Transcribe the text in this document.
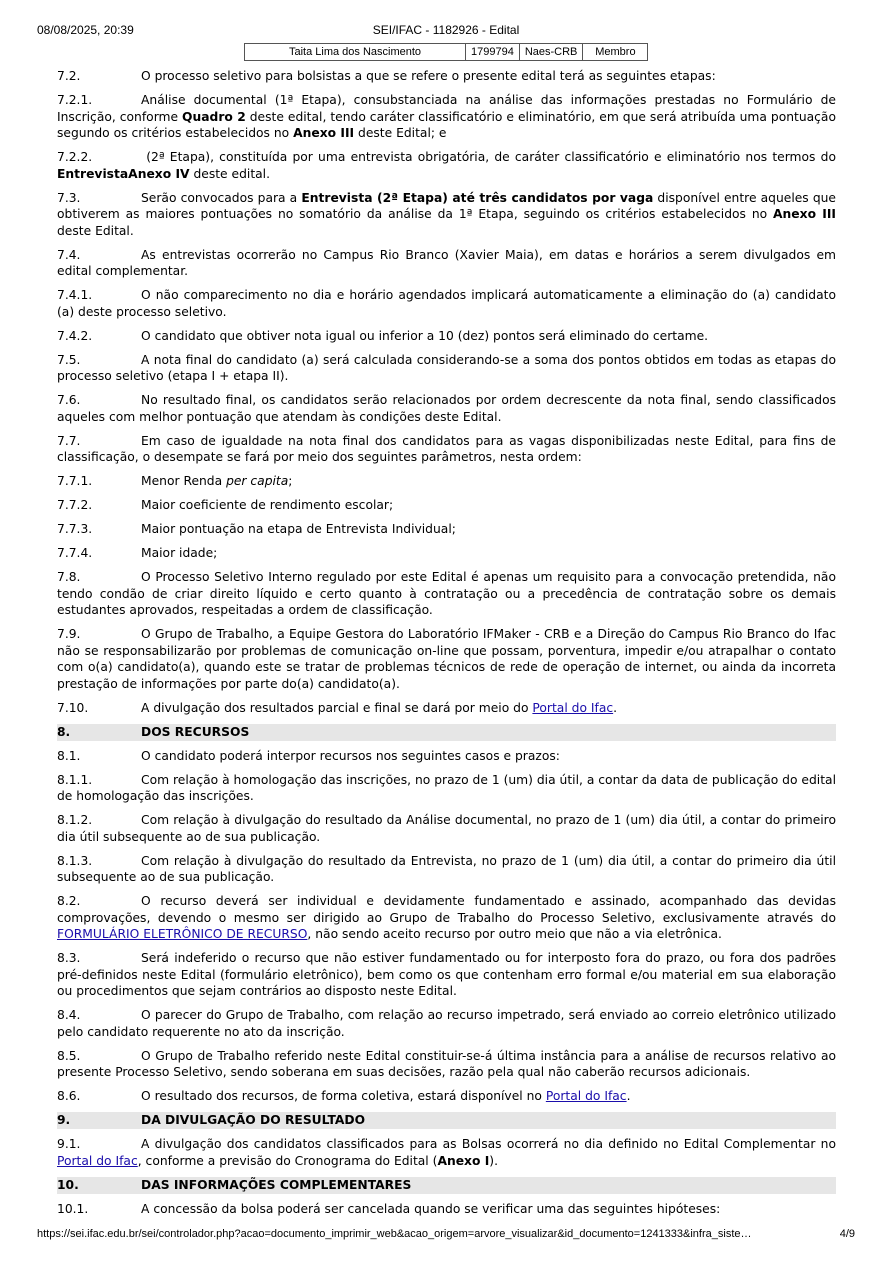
08/08/2025, 20:39	SEI/IFAC - 1182926 - Edital
Taita Lima dos Nascimento	1799794	Naes-CRB	Membro
7.2.	O processo seletivo para bolsistas a que se refere o presente edital terá as seguintes etapas:
7.2.1.	Análise documental (1ª Etapa), consubstanciada na análise das informações prestadas no Formulário de Inscrição, conforme Quadro 2 deste edital, tendo caráter classificatório e eliminatório, em que será atribuída uma pontuação segundo os critérios estabelecidos no Anexo III deste Edital; e
7.2.2.	(2ª Etapa), constituída por uma entrevista obrigatória, de caráter classificatório e eliminatório nos termos do EntrevistaAnexo IV deste edital.
7.3.	Serão convocados para a Entrevista (2ª Etapa) até três candidatos por vaga disponível entre aqueles que obtiverem as maiores pontuações no somatório da análise da 1ª Etapa, seguindo os critérios estabelecidos no Anexo III deste Edital.
7.4.	As entrevistas ocorrerão no Campus Rio Branco (Xavier Maia), em datas e horários a serem divulgados em edital complementar.
7.4.1.	O não comparecimento no dia e horário agendados implicará automaticamente a eliminação do (a) candidato (a) deste processo seletivo.
7.4.2.	O candidato que obtiver nota igual ou inferior a 10 (dez) pontos será eliminado do certame.
7.5.	A nota final do candidato (a) será calculada considerando-se a soma dos pontos obtidos em todas as etapas do processo seletivo (etapa I + etapa II).
7.6.	No resultado final, os candidatos serão relacionados por ordem decrescente da nota final, sendo classificados aqueles com melhor pontuação que atendam às condições deste Edital.
7.7.	Em caso de igualdade na nota final dos candidatos para as vagas disponibilizadas neste Edital, para fins de classificação, o desempate se fará por meio dos seguintes parâmetros, nesta ordem:
7.7.1.	Menor Renda per capita;
7.7.2.	Maior coeficiente de rendimento escolar;
7.7.3.	Maior pontuação na etapa de Entrevista Individual;
7.7.4.	Maior idade;
7.8.	O Processo Seletivo Interno regulado por este Edital é apenas um requisito para a convocação pretendida, não tendo condão de criar direito líquido e certo quanto à contratação ou a precedência de contratação sobre os demais estudantes aprovados, respeitadas a ordem de classificação.
7.9.	O Grupo de Trabalho, a Equipe Gestora do Laboratório IFMaker - CRB e a Direção do Campus Rio Branco do Ifac não se responsabilizarão por problemas de comunicação on-line que possam, porventura, impedir e/ou atrapalhar o contato com o(a) candidato(a), quando este se tratar de problemas técnicos de rede de operação de internet, ou ainda da incorreta prestação de informações por parte do(a) candidato(a).
7.10.	A divulgação dos resultados parcial e final se dará por meio do Portal do Ifac.
8.	DOS RECURSOS
8.1.	O candidato poderá interpor recursos nos seguintes casos e prazos:
8.1.1.	Com relação à homologação das inscrições, no prazo de 1 (um) dia útil, a contar da data de publicação do edital de homologação das inscrições.
8.1.2.	Com relação à divulgação do resultado da Análise documental, no prazo de 1 (um) dia útil, a contar do primeiro dia útil subsequente ao de sua publicação.
8.1.3.	Com relação à divulgação do resultado da Entrevista, no prazo de 1 (um) dia útil, a contar do primeiro dia útil subsequente ao de sua publicação.
8.2.	O recurso deverá ser individual e devidamente fundamentado e assinado, acompanhado das devidas comprovações, devendo o mesmo ser dirigido ao Grupo de Trabalho do Processo Seletivo, exclusivamente através do FORMULÁRIO ELETRÔNICO DE RECURSO, não sendo aceito recurso por outro meio que não a via eletrônica.
8.3.	Será indeferido o recurso que não estiver fundamentado ou for interposto fora do prazo, ou fora dos padrões pré-definidos neste Edital (formulário eletrônico), bem como os que contenham erro formal e/ou material em sua elaboração ou procedimentos que sejam contrários ao disposto neste Edital.
8.4.	O parecer do Grupo de Trabalho, com relação ao recurso impetrado, será enviado ao correio eletrônico utilizado pelo candidato requerente no ato da inscrição.
8.5.	O Grupo de Trabalho referido neste Edital constituir-se-á última instância para a análise de recursos relativo ao presente Processo Seletivo, sendo soberana em suas decisões, razão pela qual não caberão recursos adicionais.
8.6.	O resultado dos recursos, de forma coletiva, estará disponível no Portal do Ifac.
9.	DA DIVULGAÇÃO DO RESULTADO
9.1.	A divulgação dos candidatos classificados para as Bolsas ocorrerá no dia definido no Edital Complementar no Portal do Ifac, conforme a previsão do Cronograma do Edital (Anexo I).
10.	DAS INFORMAÇÕES COMPLEMENTARES
10.1.	A concessão da bolsa poderá ser cancelada quando se verificar uma das seguintes hipóteses:
https://sei.ifac.edu.br/sei/controlador.php?acao=documento_imprimir_web&acao_origem=arvore_visualizar&id_documento=1241333&infra_siste…	4/9
